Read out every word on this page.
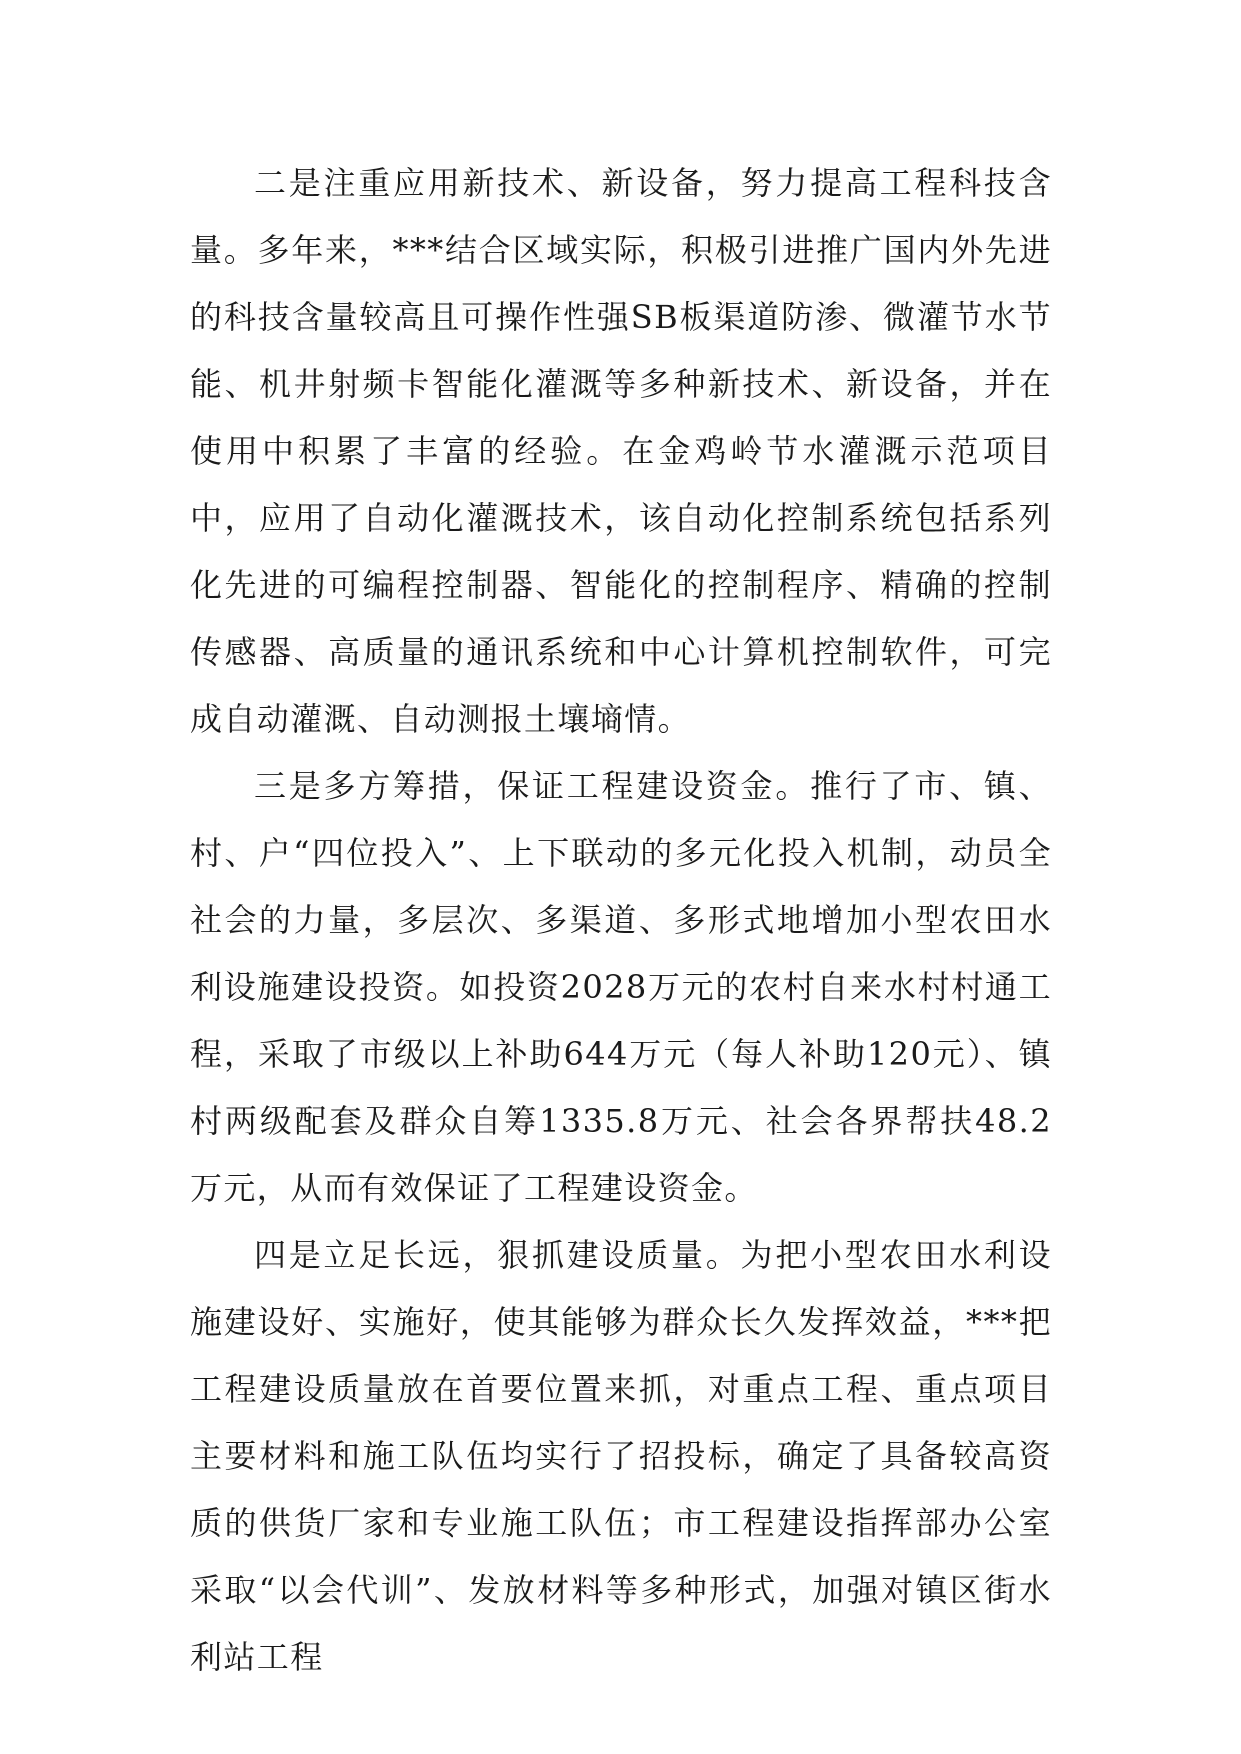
二是注重应用新技术、新设备，努力提高工程科技含量。多年来，***结合区域实际，积极引进推广国内外先进的科技含量较高且可操作性强SB板渠道防渗、微灌节水节能、机井射频卡智能化灌溉等多种新技术、新设备，并在使用中积累了丰富的经验。在金鸡岭节水灌溉示范项目中，应用了自动化灌溉技术，该自动化控制系统包括系列化先进的可编程控制器、智能化的控制程序、精确的控制传感器、高质量的通讯系统和中心计算机控制软件，可完成自动灌溉、自动测报土壤墒情。

三是多方筹措，保证工程建设资金。推行了市、镇、村、户“四位投入”、上下联动的多元化投入机制，动员全社会的力量，多层次、多渠道、多形式地增加小型农田水利设施建设投资。如投资2028万元的农村自来水村村通工程，采取了市级以上补助644万元（每人补助120元）、镇村两级配套及群众自筹1335.8万元、社会各界帮扶48.2万元，从而有效保证了工程建设资金。

四是立足长远，狠抓建设质量。为把小型农田水利设施建设好、实施好，使其能够为群众长久发挥效益，***把工程建设质量放在首要位置来抓，对重点工程、重点项目主要材料和施工队伍均实行了招投标，确定了具备较高资质的供货厂家和专业施工队伍；市工程建设指挥部办公室采取“以会代训”、发放材料等多种形式，加强对镇区街水利站工程
